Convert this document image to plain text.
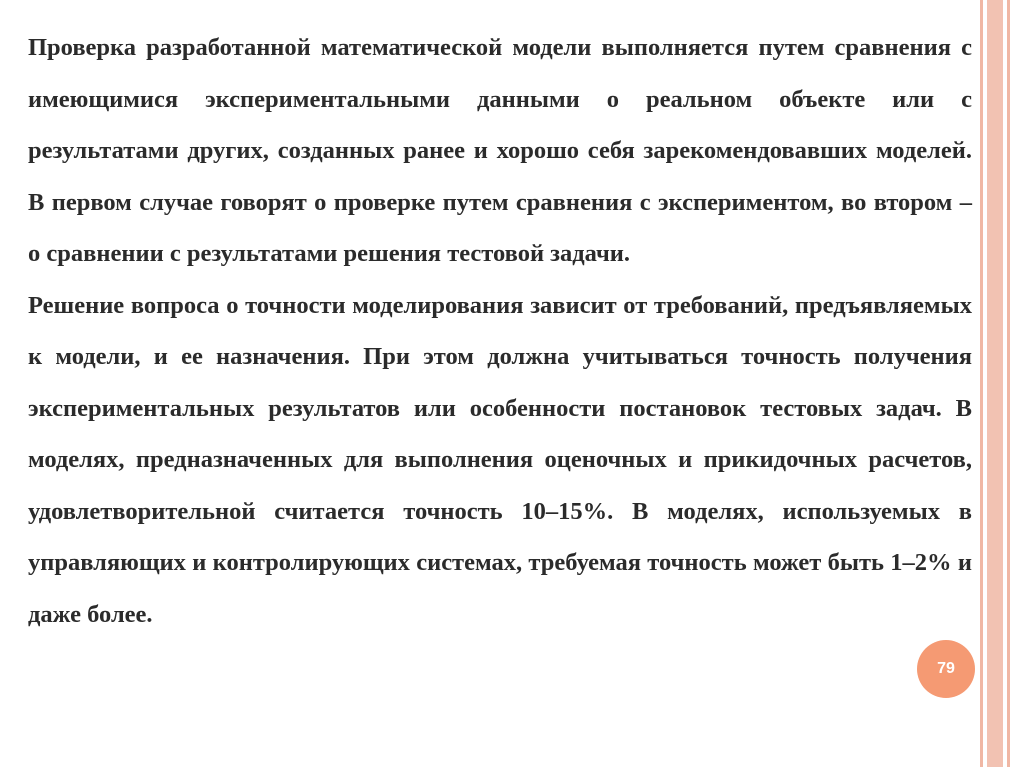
79

Проверка разработанной математической модели выполняется путем сравнения с имеющимися экспериментальными данными о реальном объекте или с результатами других, созданных ранее и хорошо себя зарекомендовавших моделей. В первом случае говорят о проверке путем сравнения с экспериментом, во втором – о сравнении с результатами решения тестовой задачи.

Решение вопроса о точности моделирования зависит от требований, предъявляемых к модели, и ее назначения. При этом должна учитываться точность получения экспериментальных результатов или особенности постановок тестовых задач. В моделях, предназначенных для выполнения оценочных и прикидочных расчетов, удовлетворительной считается точность 10–15%. В моделях, используемых в управляющих и контролирующих системах, требуемая точность может быть 1–2% и даже более.
